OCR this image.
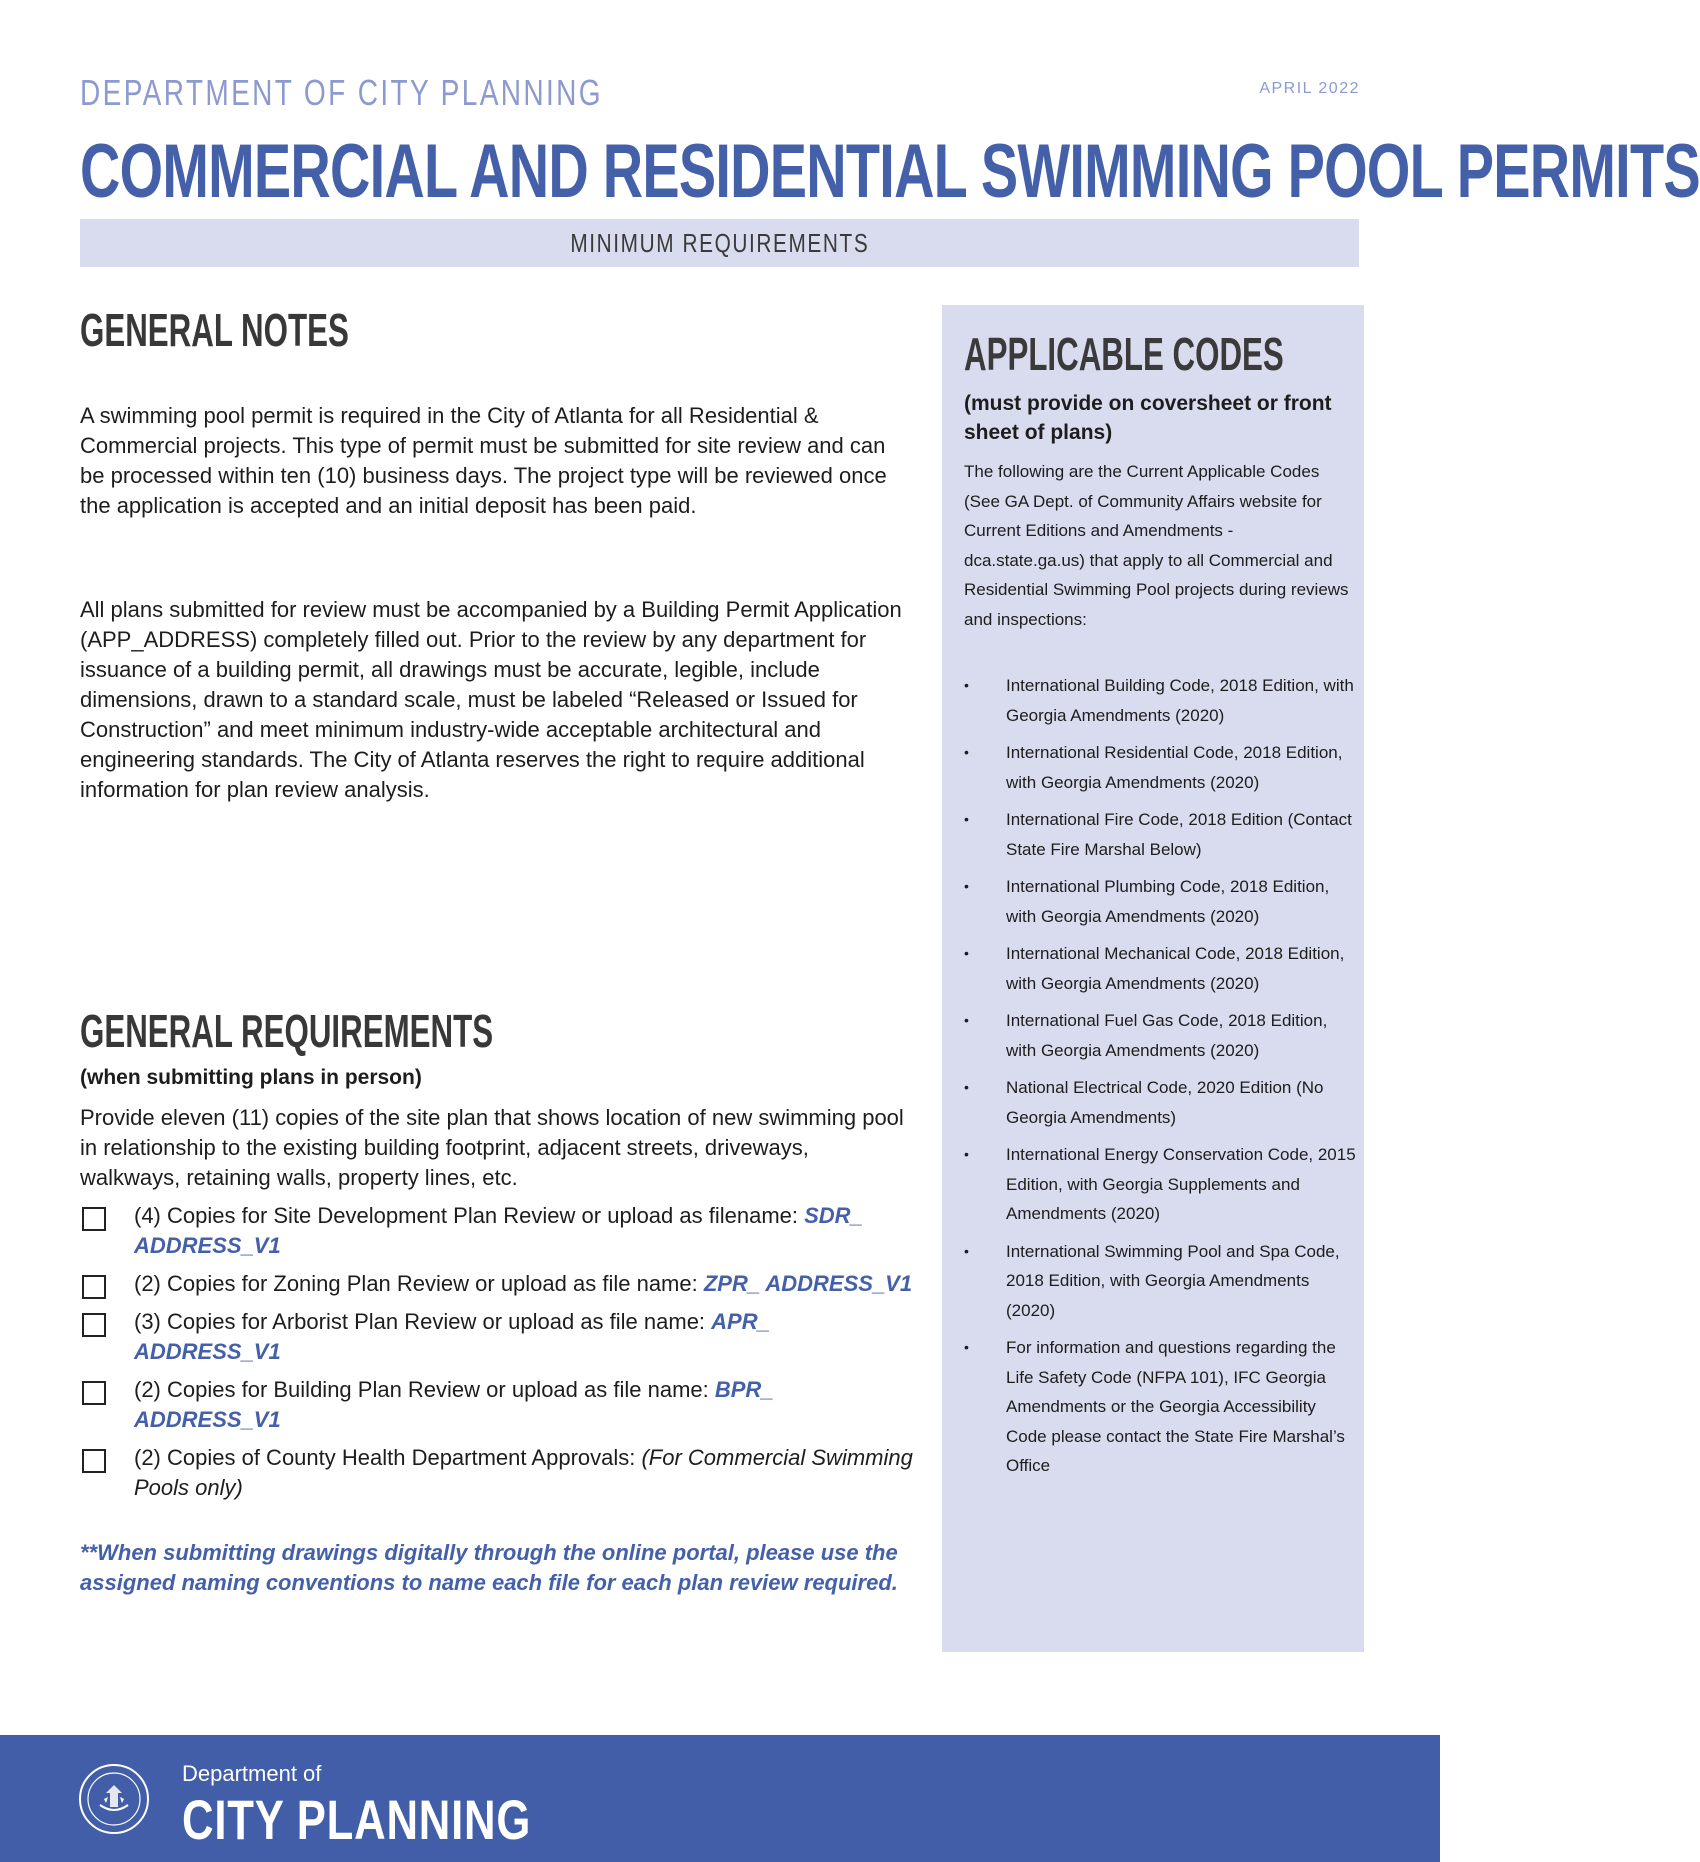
DEPARTMENT OF CITY PLANNING	APRIL 2022
COMMERCIAL AND RESIDENTIAL SWIMMING POOL PERMITS
MINIMUM REQUIREMENTS
GENERAL NOTES
A swimming pool permit is required in the City of Atlanta for all Residential & Commercial projects. This type of permit must be submitted for site review and can be processed within ten (10) business days. The project type will be reviewed once the application is accepted and an initial deposit has been paid.
All plans submitted for review must be accompanied by a Building Permit Application (APP_ADDRESS) completely filled out. Prior to the review by any department for issuance of a building permit, all drawings must be accurate, legible, include dimensions, drawn to a standard scale, must be labeled “Released or Issued for Construction” and meet minimum industry-wide acceptable architectural and engineering standards. The City of Atlanta reserves the right to require additional information for plan review analysis.
GENERAL REQUIREMENTS
(when submitting plans in person)
Provide eleven (11) copies of the site plan that shows location of new swimming pool in relationship to the existing building footprint, adjacent streets, driveways, walkways, retaining walls, property lines, etc.
(4) Copies for Site Development Plan Review or upload as filename: SDR_ ADDRESS_V1
(2) Copies for Zoning Plan Review or upload as file name: ZPR_ ADDRESS_V1
(3) Copies for Arborist Plan Review or upload as file name: APR_ ADDRESS_V1
(2) Copies for Building Plan Review or upload as file name: BPR_ ADDRESS_V1
(2) Copies of County Health Department Approvals: (For Commercial Swimming Pools only)
**When submitting drawings digitally through the online portal, please use the assigned naming conventions to name each file for each plan review required.
APPLICABLE CODES
(must provide on coversheet or front sheet of plans)
The following are the Current Applicable Codes (See GA Dept. of Community Affairs website for Current Editions and Amendments - dca.state.ga.us) that apply to all Commercial and Residential Swimming Pool projects during reviews and inspections:
• International Building Code, 2018 Edition, with Georgia Amendments (2020)
• International Residential Code, 2018 Edition, with Georgia Amendments (2020)
• International Fire Code, 2018 Edition (Contact State Fire Marshal Below)
• International Plumbing Code, 2018 Edition, with Georgia Amendments (2020)
• International Mechanical Code, 2018 Edition, with Georgia Amendments (2020)
• International Fuel Gas Code, 2018 Edition, with Georgia Amendments (2020)
• National Electrical Code, 2020 Edition (No Georgia Amendments)
• International Energy Conservation Code, 2015 Edition, with Georgia Supplements and Amendments (2020)
• International Swimming Pool and Spa Code, 2018 Edition, with Georgia Amendments (2020)
• For information and questions regarding the Life Safety Code (NFPA 101), IFC Georgia Amendments or the Georgia Accessibility Code please contact the State Fire Marshal’s Office
Department of
CITY PLANNING
